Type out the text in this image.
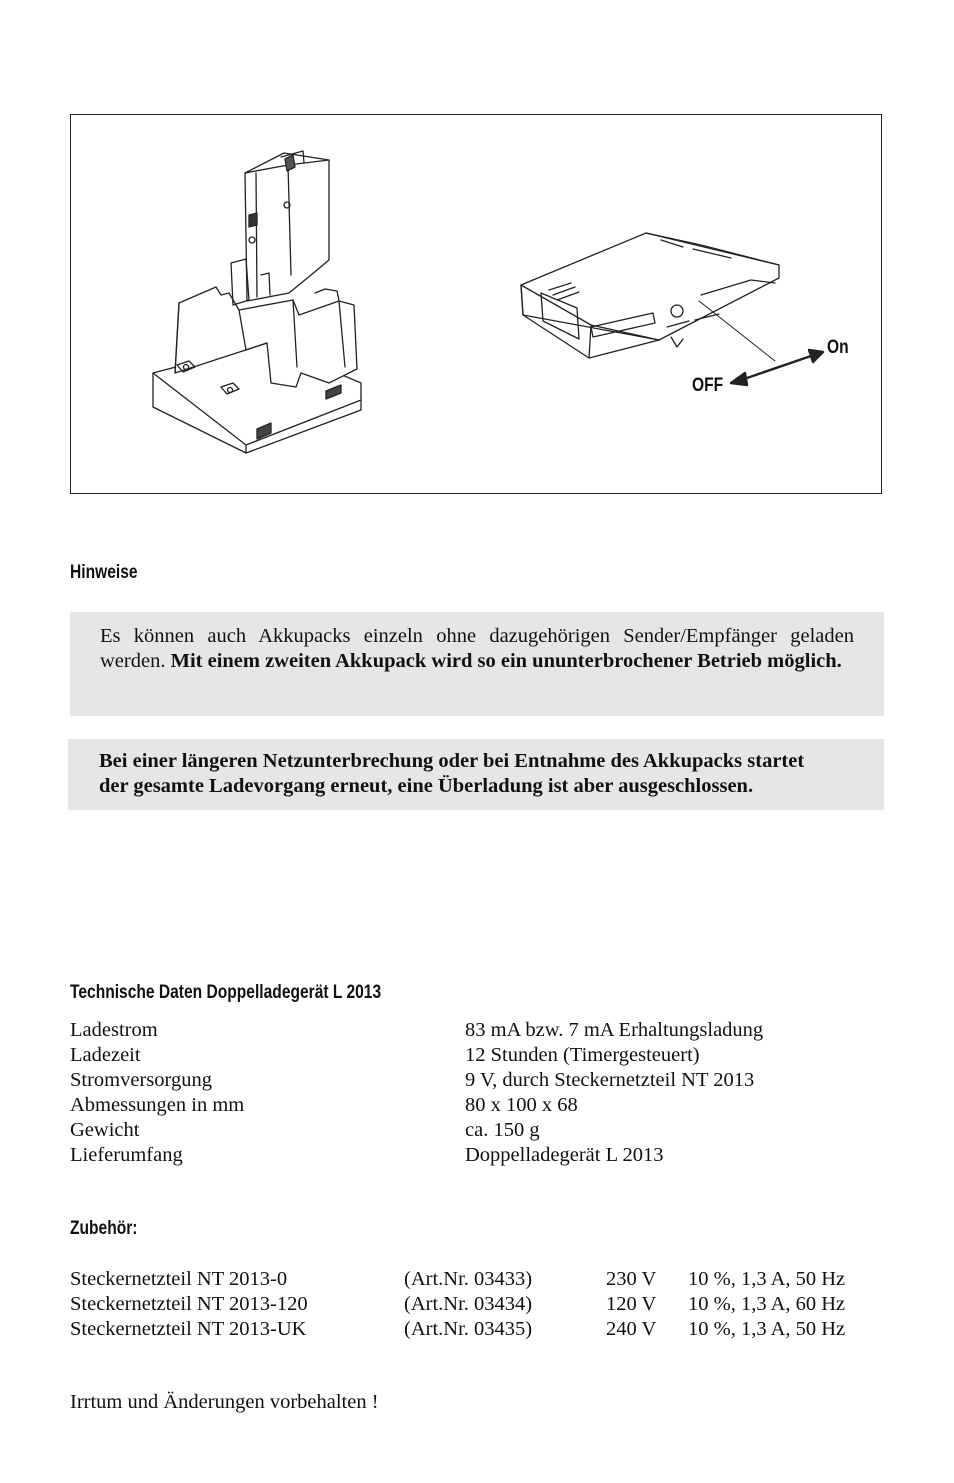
On
OFF
Hinweise
Es können auch Akkupacks einzeln ohne dazugehörigen Sender/Empfänger geladen werden. Mit einem zweiten Akkupack wird so ein ununterbrochener Betrieb möglich.
Bei einer längeren Netzunterbrechung oder bei Entnahme des Akkupacks startet
der gesamte Ladevorgang erneut, eine Überladung ist aber ausgeschlossen.
Technische Daten Doppelladegerät L 2013
Ladestrom	83 mA bzw. 7 mA Erhaltungsladung
Ladezeit	12 Stunden (Timergesteuert)
Stromversorgung	9 V, durch Steckernetzteil NT 2013
Abmessungen in mm	80 x 100 x 68
Gewicht	ca. 150 g
Lieferumfang	Doppelladegerät L 2013
Zubehör:
Steckernetzteil NT 2013-0	(Art.Nr. 03433)	230 V 10 %, 1,3 A, 50 Hz
Steckernetzteil NT 2013-120	(Art.Nr. 03434)	120 V 10 %, 1,3 A, 60 Hz
Steckernetzteil NT 2013-UK	(Art.Nr. 03435)	240 V 10 %, 1,3 A, 50 Hz
Irrtum und Änderungen vorbehalten !
